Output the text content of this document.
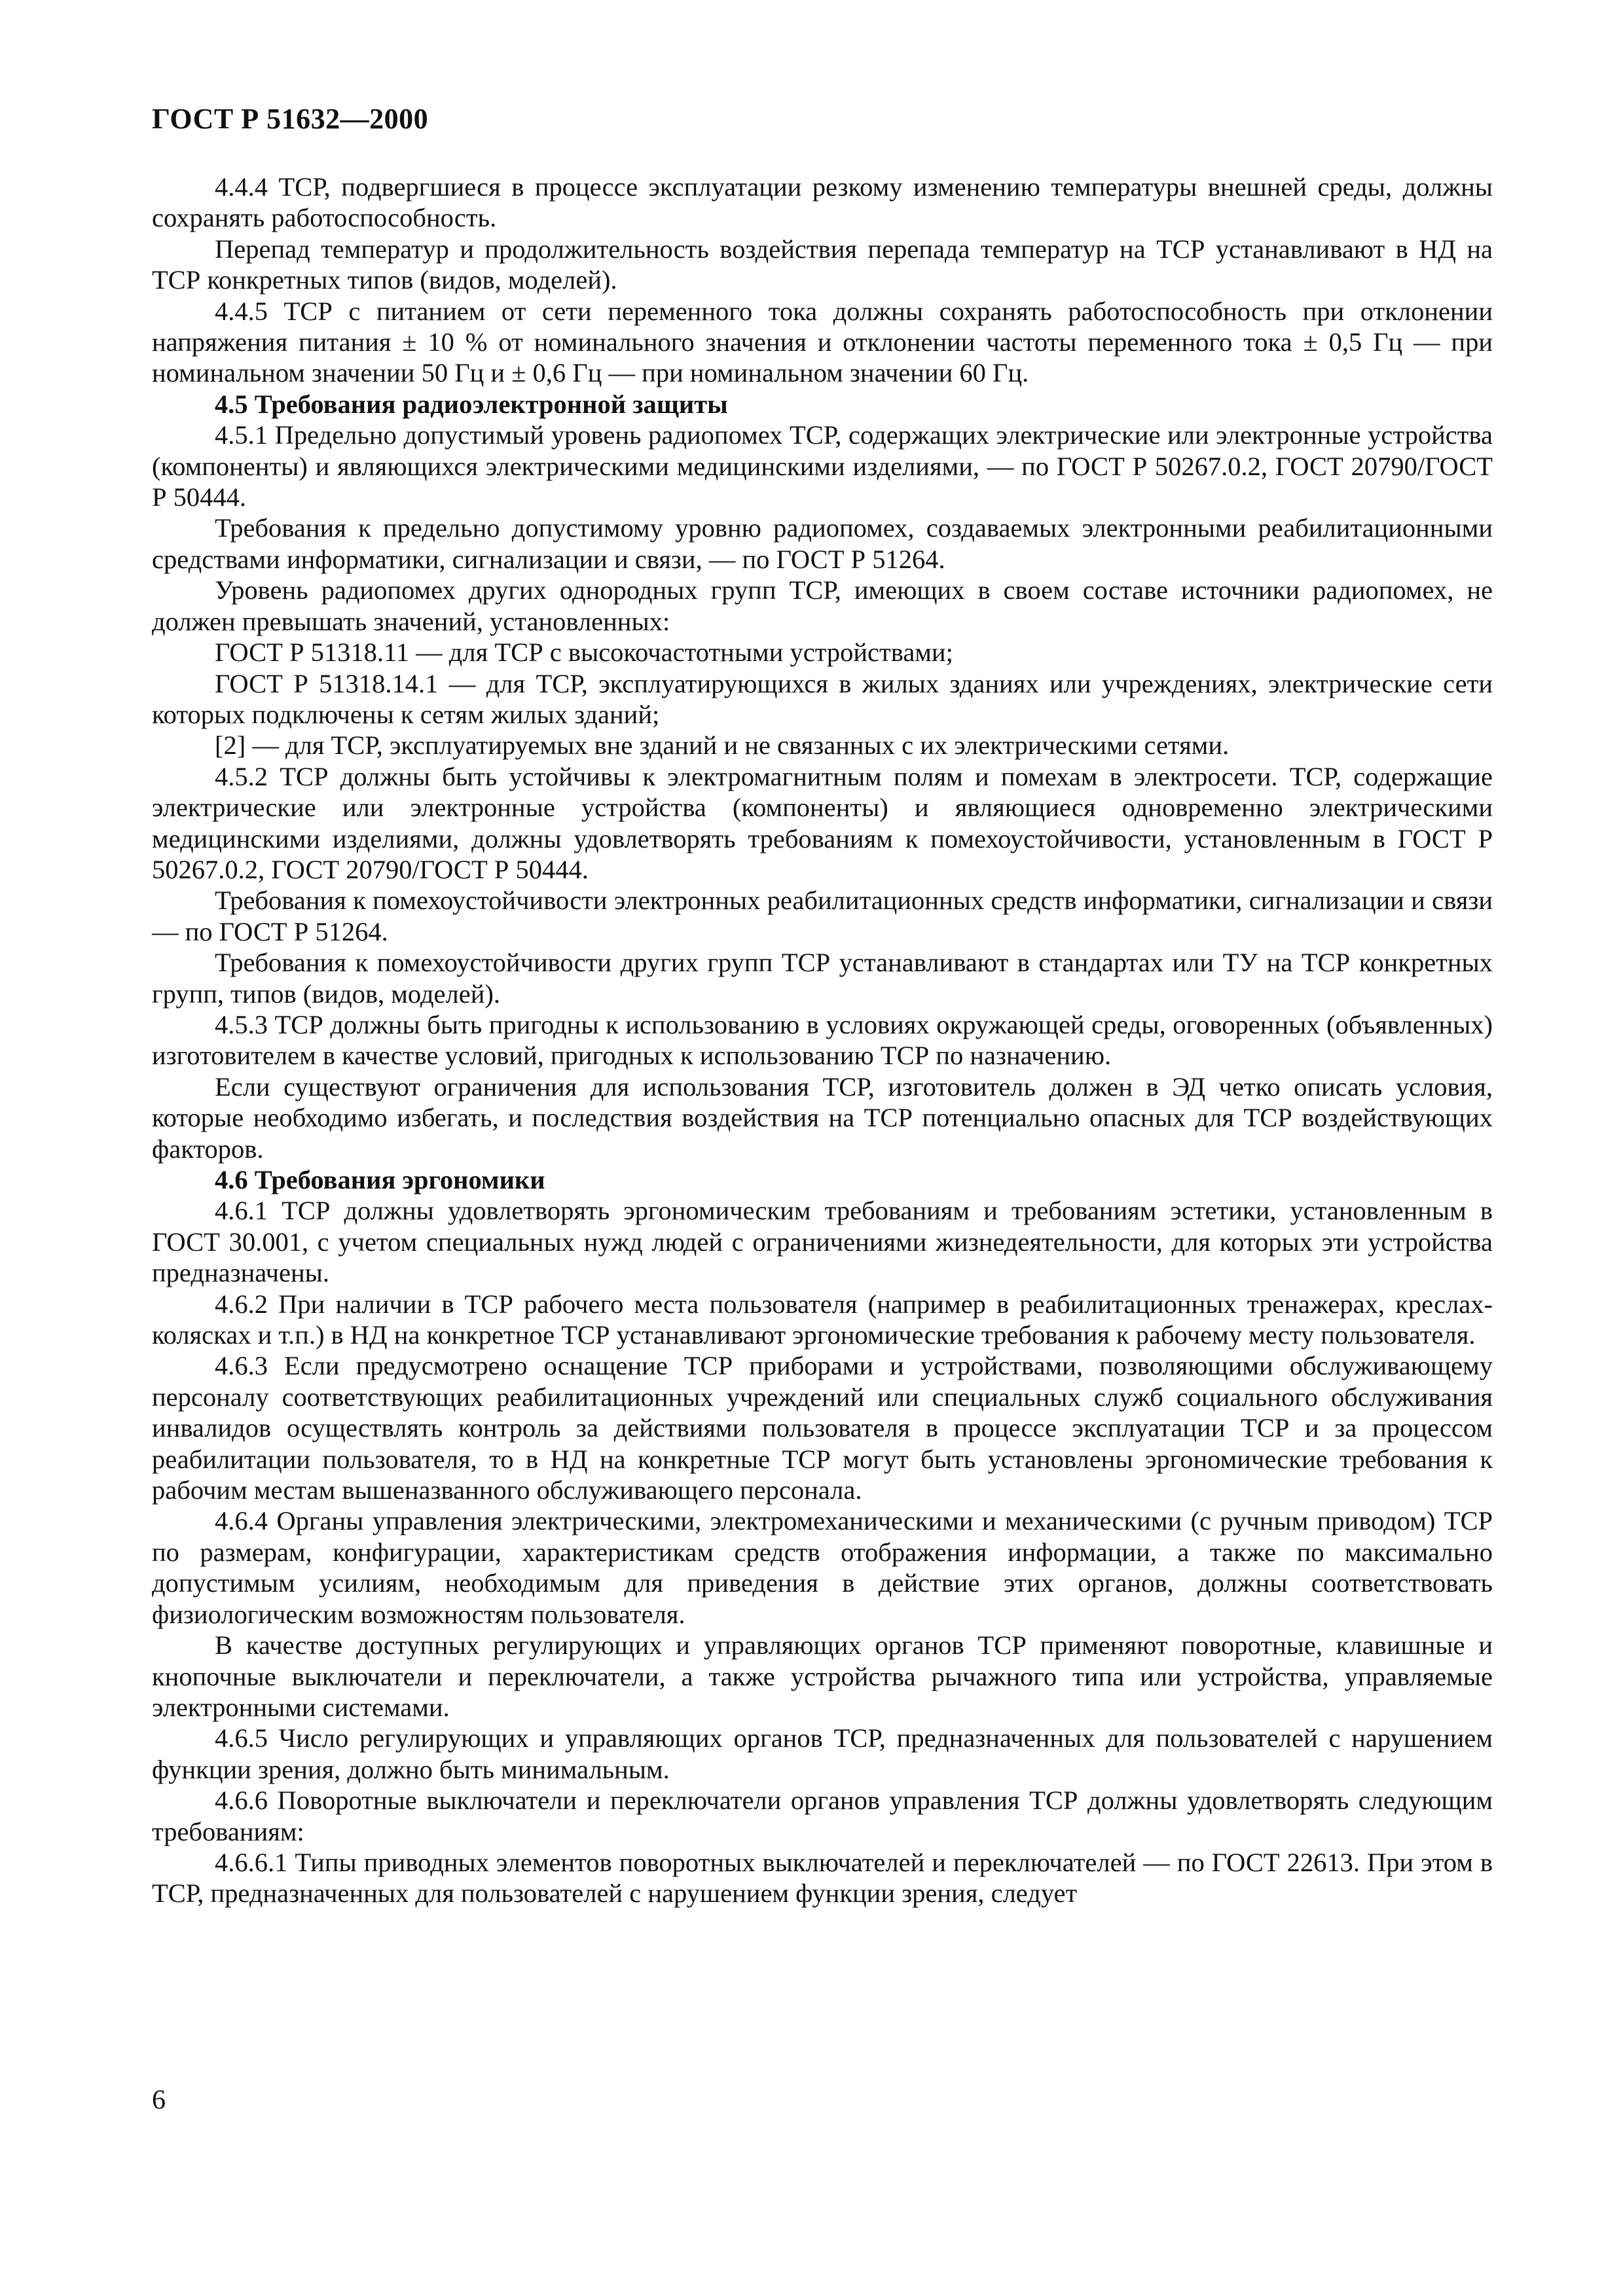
ГОСТ Р 51632—2000

4.4.4 ТСР, подвергшиеся в процессе эксплуатации резкому изменению температуры внешней среды, должны сохранять работоспособность.

Перепад температур и продолжительность воздействия перепада температур на ТСР устанавливают в НД на ТСР конкретных типов (видов, моделей).

4.4.5 ТСР с питанием от сети переменного тока должны сохранять работоспособность при отклонении напряжения питания ± 10 % от номинального значения и отклонении частоты переменного тока ± 0,5 Гц — при номинальном значении 50 Гц и ± 0,6 Гц — при номинальном значении 60 Гц.

4.5 Требования радиоэлектронной защиты

4.5.1 Предельно допустимый уровень радиопомех ТСР, содержащих электрические или электронные устройства (компоненты) и являющихся электрическими медицинскими изделиями, — по ГОСТ Р 50267.0.2, ГОСТ 20790/ГОСТ Р 50444.

Требования к предельно допустимому уровню радиопомех, создаваемых электронными реабилитационными средствами информатики, сигнализации и связи, — по ГОСТ Р 51264.

Уровень радиопомех других однородных групп ТСР, имеющих в своем составе источники радиопомех, не должен превышать значений, установленных:

ГОСТ Р 51318.11 — для ТСР с высокочастотными устройствами;

ГОСТ Р 51318.14.1 — для ТСР, эксплуатирующихся в жилых зданиях или учреждениях, электрические сети которых подключены к сетям жилых зданий;

[2] — для ТСР, эксплуатируемых вне зданий и не связанных с их электрическими сетями.

4.5.2 ТСР должны быть устойчивы к электромагнитным полям и помехам в электросети. ТСР, содержащие электрические или электронные устройства (компоненты) и являющиеся одновременно электрическими медицинскими изделиями, должны удовлетворять требованиям к помехоустойчивости, установленным в ГОСТ Р 50267.0.2, ГОСТ 20790/ГОСТ Р 50444.

Требования к помехоустойчивости электронных реабилитационных средств информатики, сигнализации и связи — по ГОСТ Р 51264.

Требования к помехоустойчивости других групп ТСР устанавливают в стандартах или ТУ на ТСР конкретных групп, типов (видов, моделей).

4.5.3 ТСР должны быть пригодны к использованию в условиях окружающей среды, оговоренных (объявленных) изготовителем в качестве условий, пригодных к использованию ТСР по назначению.

Если существуют ограничения для использования ТСР, изготовитель должен в ЭД четко описать условия, которые необходимо избегать, и последствия воздействия на ТСР потенциально опасных для ТСР воздействующих факторов.

4.6 Требования эргономики

4.6.1 ТСР должны удовлетворять эргономическим требованиям и требованиям эстетики, установленным в ГОСТ 30.001, с учетом специальных нужд людей с ограничениями жизнедеятельности, для которых эти устройства предназначены.

4.6.2 При наличии в ТСР рабочего места пользователя (например в реабилитационных тренажерах, креслах-колясках и т.п.) в НД на конкретное ТСР устанавливают эргономические требования к рабочему месту пользователя.

4.6.3 Если предусмотрено оснащение ТСР приборами и устройствами, позволяющими обслуживающему персоналу соответствующих реабилитационных учреждений или специальных служб социального обслуживания инвалидов осуществлять контроль за действиями пользователя в процессе эксплуатации ТСР и за процессом реабилитации пользователя, то в НД на конкретные ТСР могут быть установлены эргономические требования к рабочим местам вышеназванного обслуживающего персонала.

4.6.4 Органы управления электрическими, электромеханическими и механическими (с ручным приводом) ТСР по размерам, конфигурации, характеристикам средств отображения информации, а также по максимально допустимым усилиям, необходимым для приведения в действие этих органов, должны соответствовать физиологическим возможностям пользователя.

В качестве доступных регулирующих и управляющих органов ТСР применяют поворотные, клавишные и кнопочные выключатели и переключатели, а также устройства рычажного типа или устройства, управляемые электронными системами.

4.6.5 Число регулирующих и управляющих органов ТСР, предназначенных для пользователей с нарушением функции зрения, должно быть минимальным.

4.6.6 Поворотные выключатели и переключатели органов управления ТСР должны удовлетворять следующим требованиям:

4.6.6.1 Типы приводных элементов поворотных выключателей и переключателей — по ГОСТ 22613. При этом в ТСР, предназначенных для пользователей с нарушением функции зрения, следует

6
